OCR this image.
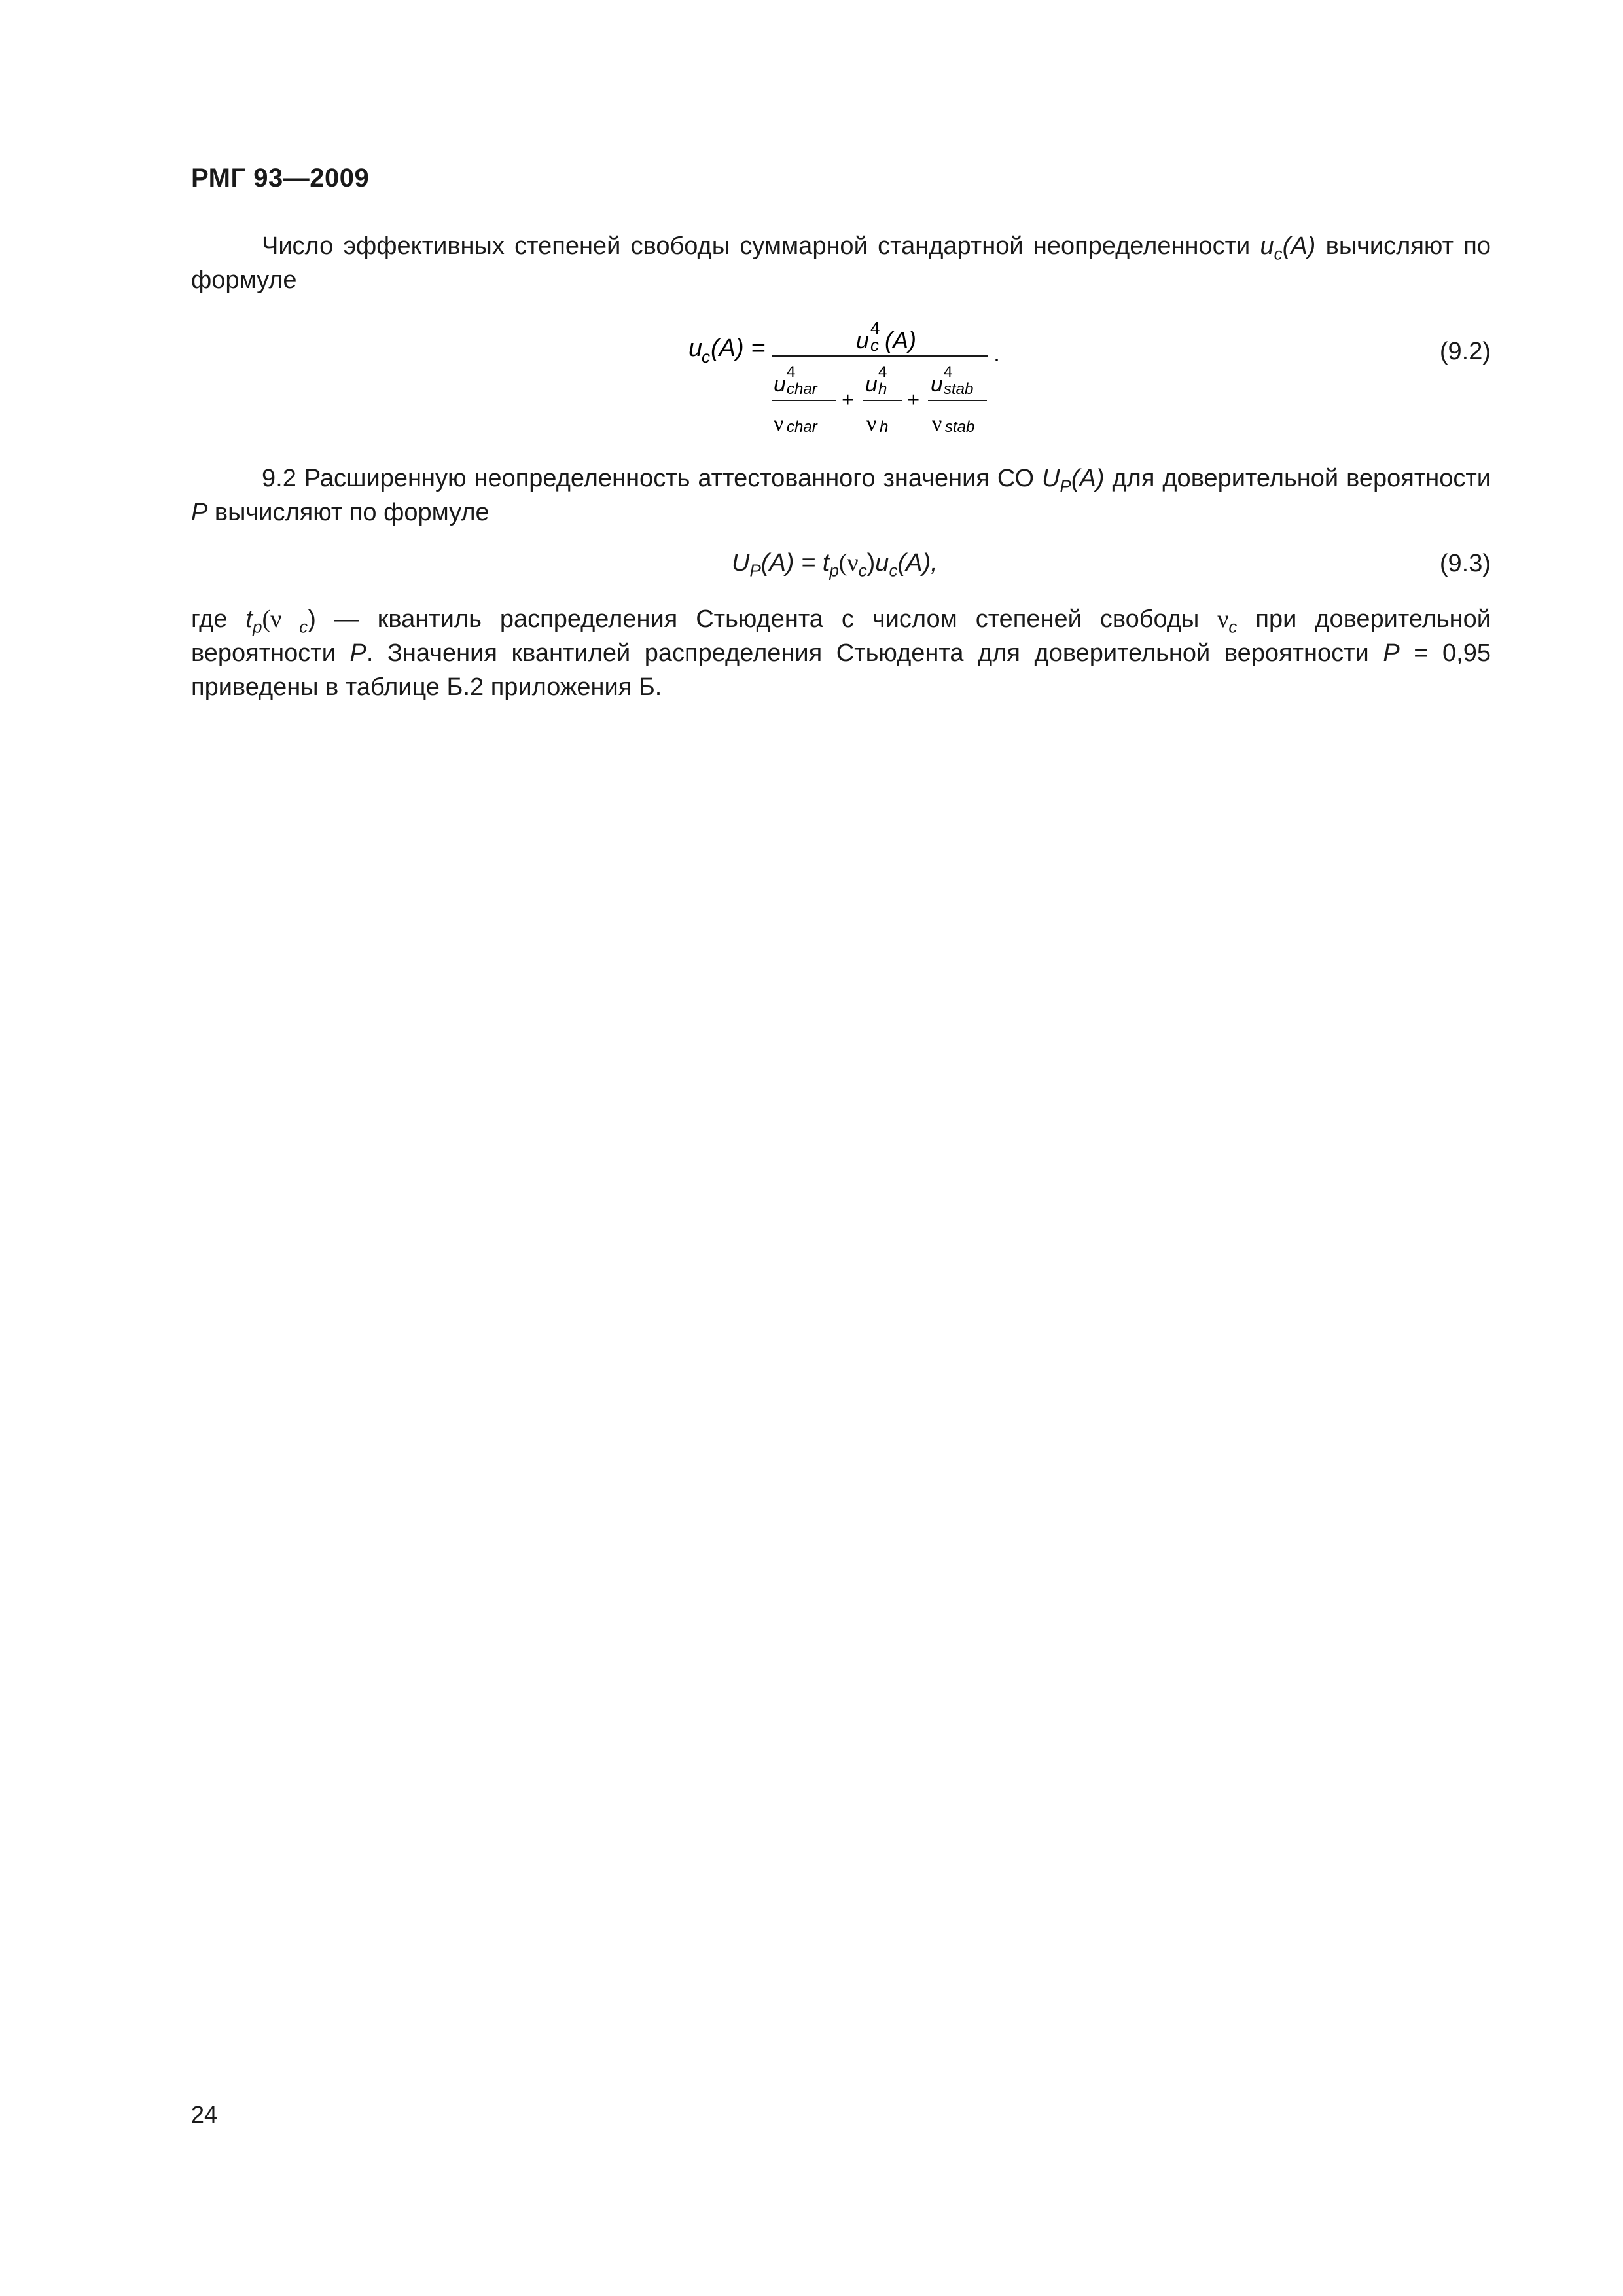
РМГ 93—2009
Число эффективных степеней свободы суммарной стандартной неопределенности $u_c(A)$ вычисляют по формуле
u
c (A) =	u 4
c (A)	.
u 4
char
ν char
+
u 4
h
ν h
+
u 4
stab
ν stab
(9.2)
9.2 Расширенную неопределенность аттестованного значения СО $U_P(A)$ для доверительной вероятности P вычисляют по формуле
$U_P(A) = t_p(\nu_c)u_c(A)$,	(9.3)
где $t_p(\nu$ $_c$) — квантиль распределения Стьюдента с числом степеней свободы $\nu_c$ при доверительной вероятности P. Значения квантилей распределения Стьюдента для доверительной вероятности P = 0,95 приведены в таблице Б.2 приложения Б.
24
